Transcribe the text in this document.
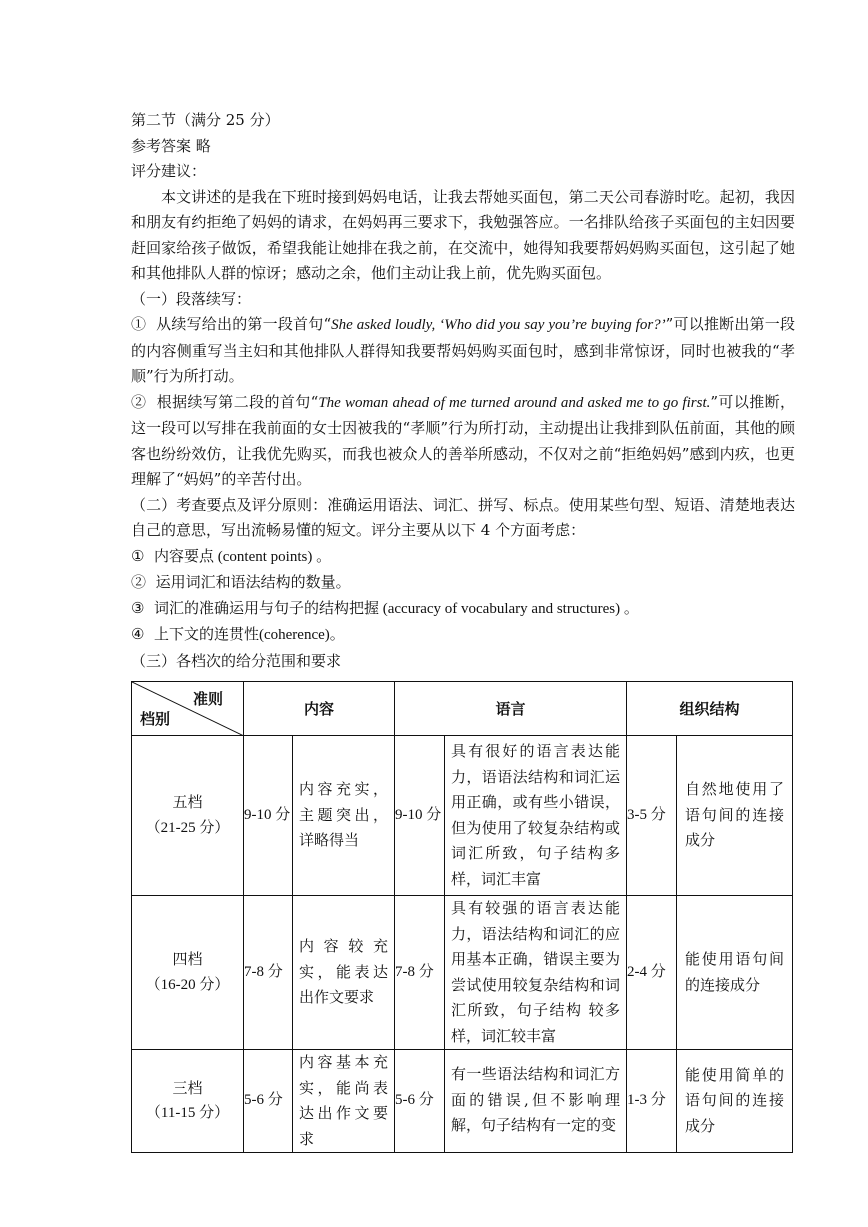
第二节（满分 25 分）
参考答案 略
评分建议：
本文讲述的是我在下班时接到妈妈电话，让我去帮她买面包，第二天公司春游时吃。起初，我因和朋友有约拒绝了妈妈的请求，在妈妈再三要求下，我勉强答应。一名排队给孩子买面包的主妇因要赶回家给孩子做饭，希望我能让她排在我之前，在交流中，她得知我要帮妈妈购买面包，这引起了她和其他排队人群的惊讶；感动之余，他们主动让我上前，优先购买面包。
（一）段落续写：
① 从续写给出的第一段首句“She asked loudly, ‘Who did you say you’re buying for?’”可以推断出第一段的内容侧重写当主妇和其他排队人群得知我要帮妈妈购买面包时，感到非常惊讶，同时也被我的“孝顺”行为所打动。
② 根据续写第二段的首句“The woman ahead of me turned around and asked me to go first.”可以推断，这一段可以写排在我前面的女士因被我的“孝顺”行为所打动，主动提出让我排到队伍前面，其他的顾客也纷纷效仿，让我优先购买，而我也被众人的善举所感动，不仅对之前“拒绝妈妈”感到内疚，也更理解了“妈妈”的辛苦付出。
（二）考查要点及评分原则：准确运用语法、词汇、拼写、标点。使用某些句型、短语、清楚地表达自己的意思，写出流畅易懂的短文。评分主要从以下 4 个方面考虑：
① 内容要点 (content points) 。
② 运用词汇和语法结构的数量。
③ 词汇的准确运用与句子的结构把握 (accuracy of vocabulary and structures) 。
④ 上下文的连贯性(coherence)。
（三）各档次的给分范围和要求
准则
档别	内容		语言		组织结构	

五档
（21-25 分）	9-10 分	内容充实，主题突出，详略得当	9-10 分	具有很好的语言表达能力，语语法结构和词汇运用正确，或有些小错误，但为使用了较复杂结构或词汇所致，句子结构多样，词汇丰富	3-5 分	自然地使用了语句间的连接成分

四档
（16-20 分）	7-8 分	内容较充实，能表达 出作文要求	7-8 分	具有较强的语言表达能力，语法结构和词汇的应用基本正确，错误主要为尝试使用较复杂结构和词汇所致，句子结构 较多样，词汇较丰富	2-4 分	能使用语句间的连接成分

三档
（11-15 分）	5-6 分	内容基本充实，能尚表达出作文要求	5-6 分	有一些语法结构和词汇方面的错误,但不影响理解，句子结构有一定的变	1-3 分	能使用简单的语句间的连接成分
